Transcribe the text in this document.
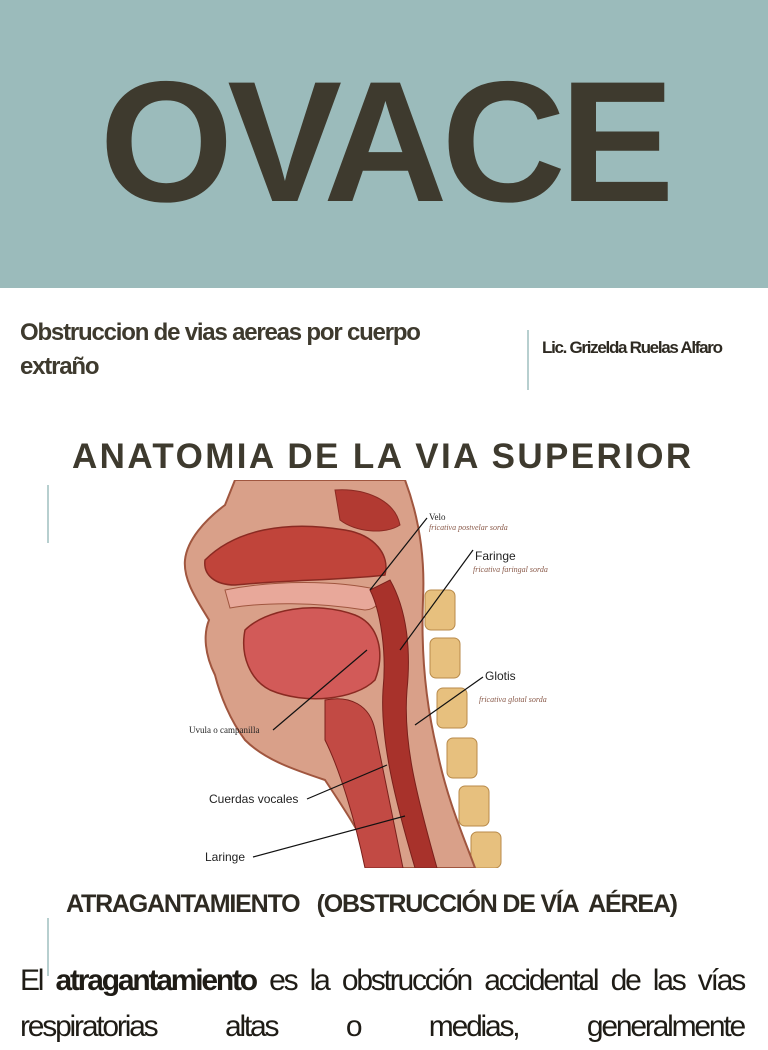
OVACE
Obstruccion de vias aereas por cuerpo
extraño
Lic. Grizelda Ruelas Alfaro
ANATOMIA DE LA VIA SUPERIOR
Velo
fricativa postvelar sorda
Faringe
fricativa faringal sorda
Glotis
fricativa glotal sorda
Uvula o campanilla
Cuerdas vocales
Laringe
ATRAGANTAMIENTO   (OBSTRUCCIÓN DE VÍA  AÉREA)
El atragantamiento es la obstrucción accidental de las vías respiratorias altas o medias, generalmente
